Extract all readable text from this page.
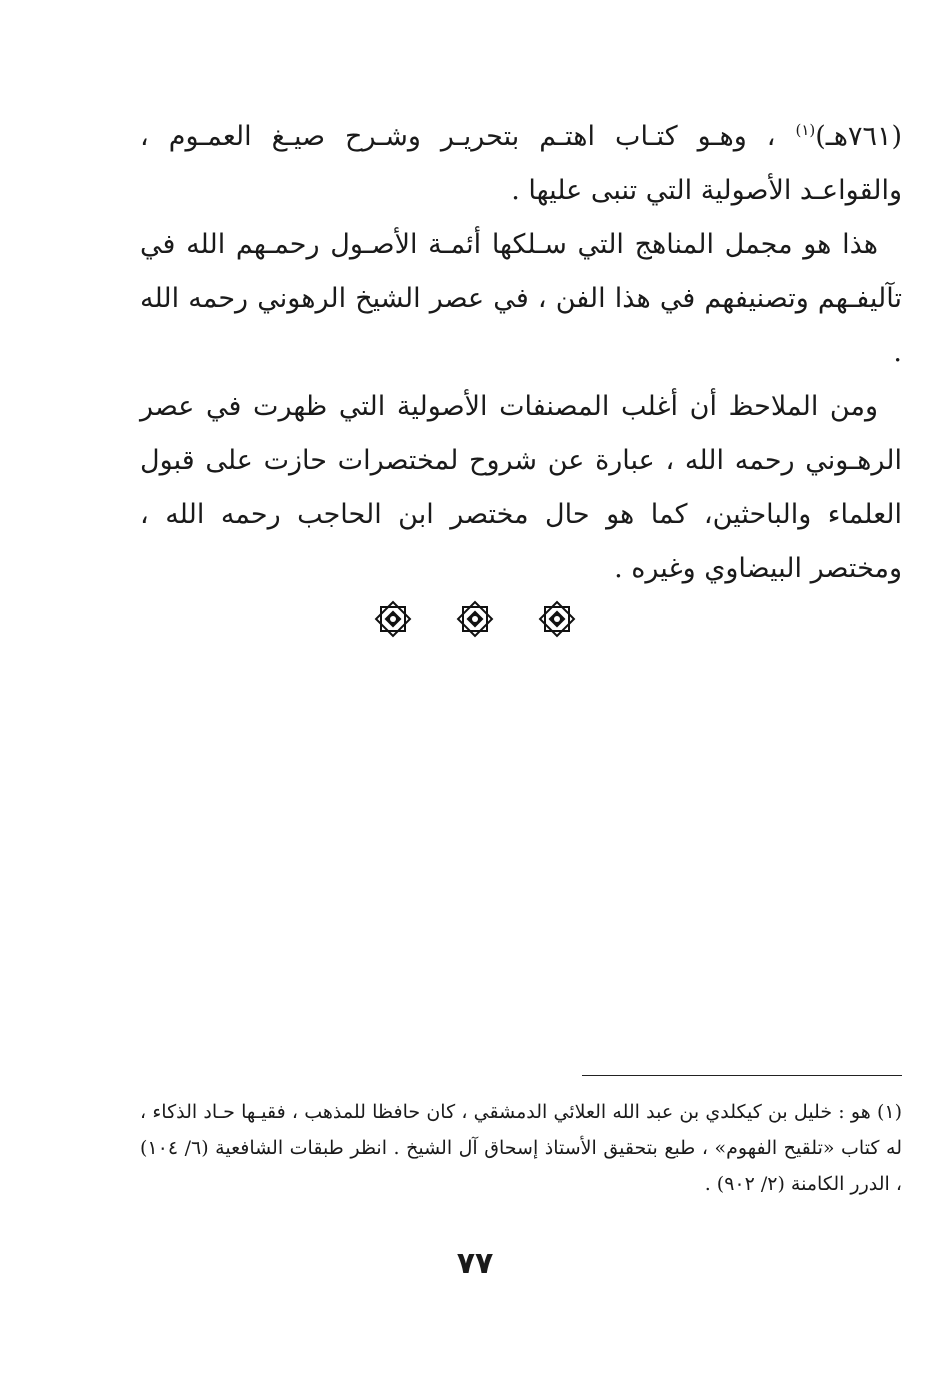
(٧٦١هـ)$^{(١)}$ ، وهـو كتـاب اهتـم بتحريـر وشـرح صيـغ العمـوم ، والقواعـد الأصولية التي تنبى عليها .

هذا هو مجمل المناهج التي سـلكها أئمـة الأصـول رحمـهم الله في تآليفـهم وتصنيفهم في هذا الفن ، في عصر الشيخ الرهوني رحمه الله .

ومن الملاحظ أن أغلب المصنفات الأصولية التي ظهرت في عصر الرهـوني رحمه الله ، عبارة عن شروح لمختصرات حازت على قبول العلماء والباحثين، كما هو حال مختصر ابن الحاجب رحمه الله ، ومختصر البيضاوي وغيره .

(١) هو : خليل بن كيكلدي بن عبد الله العلائي الدمشقي ، كان حافظا للمذهب ، فقيـها حـاد الذكاء ، له كتاب «تلقيح الفهوم» ، طبع بتحقيق الأستاذ إسحاق آل الشيخ . انظر طبقات الشافعية (٦/ ١٠٤) ، الدرر الكامنة (٢/ ٩٠٢) .

٧٧
